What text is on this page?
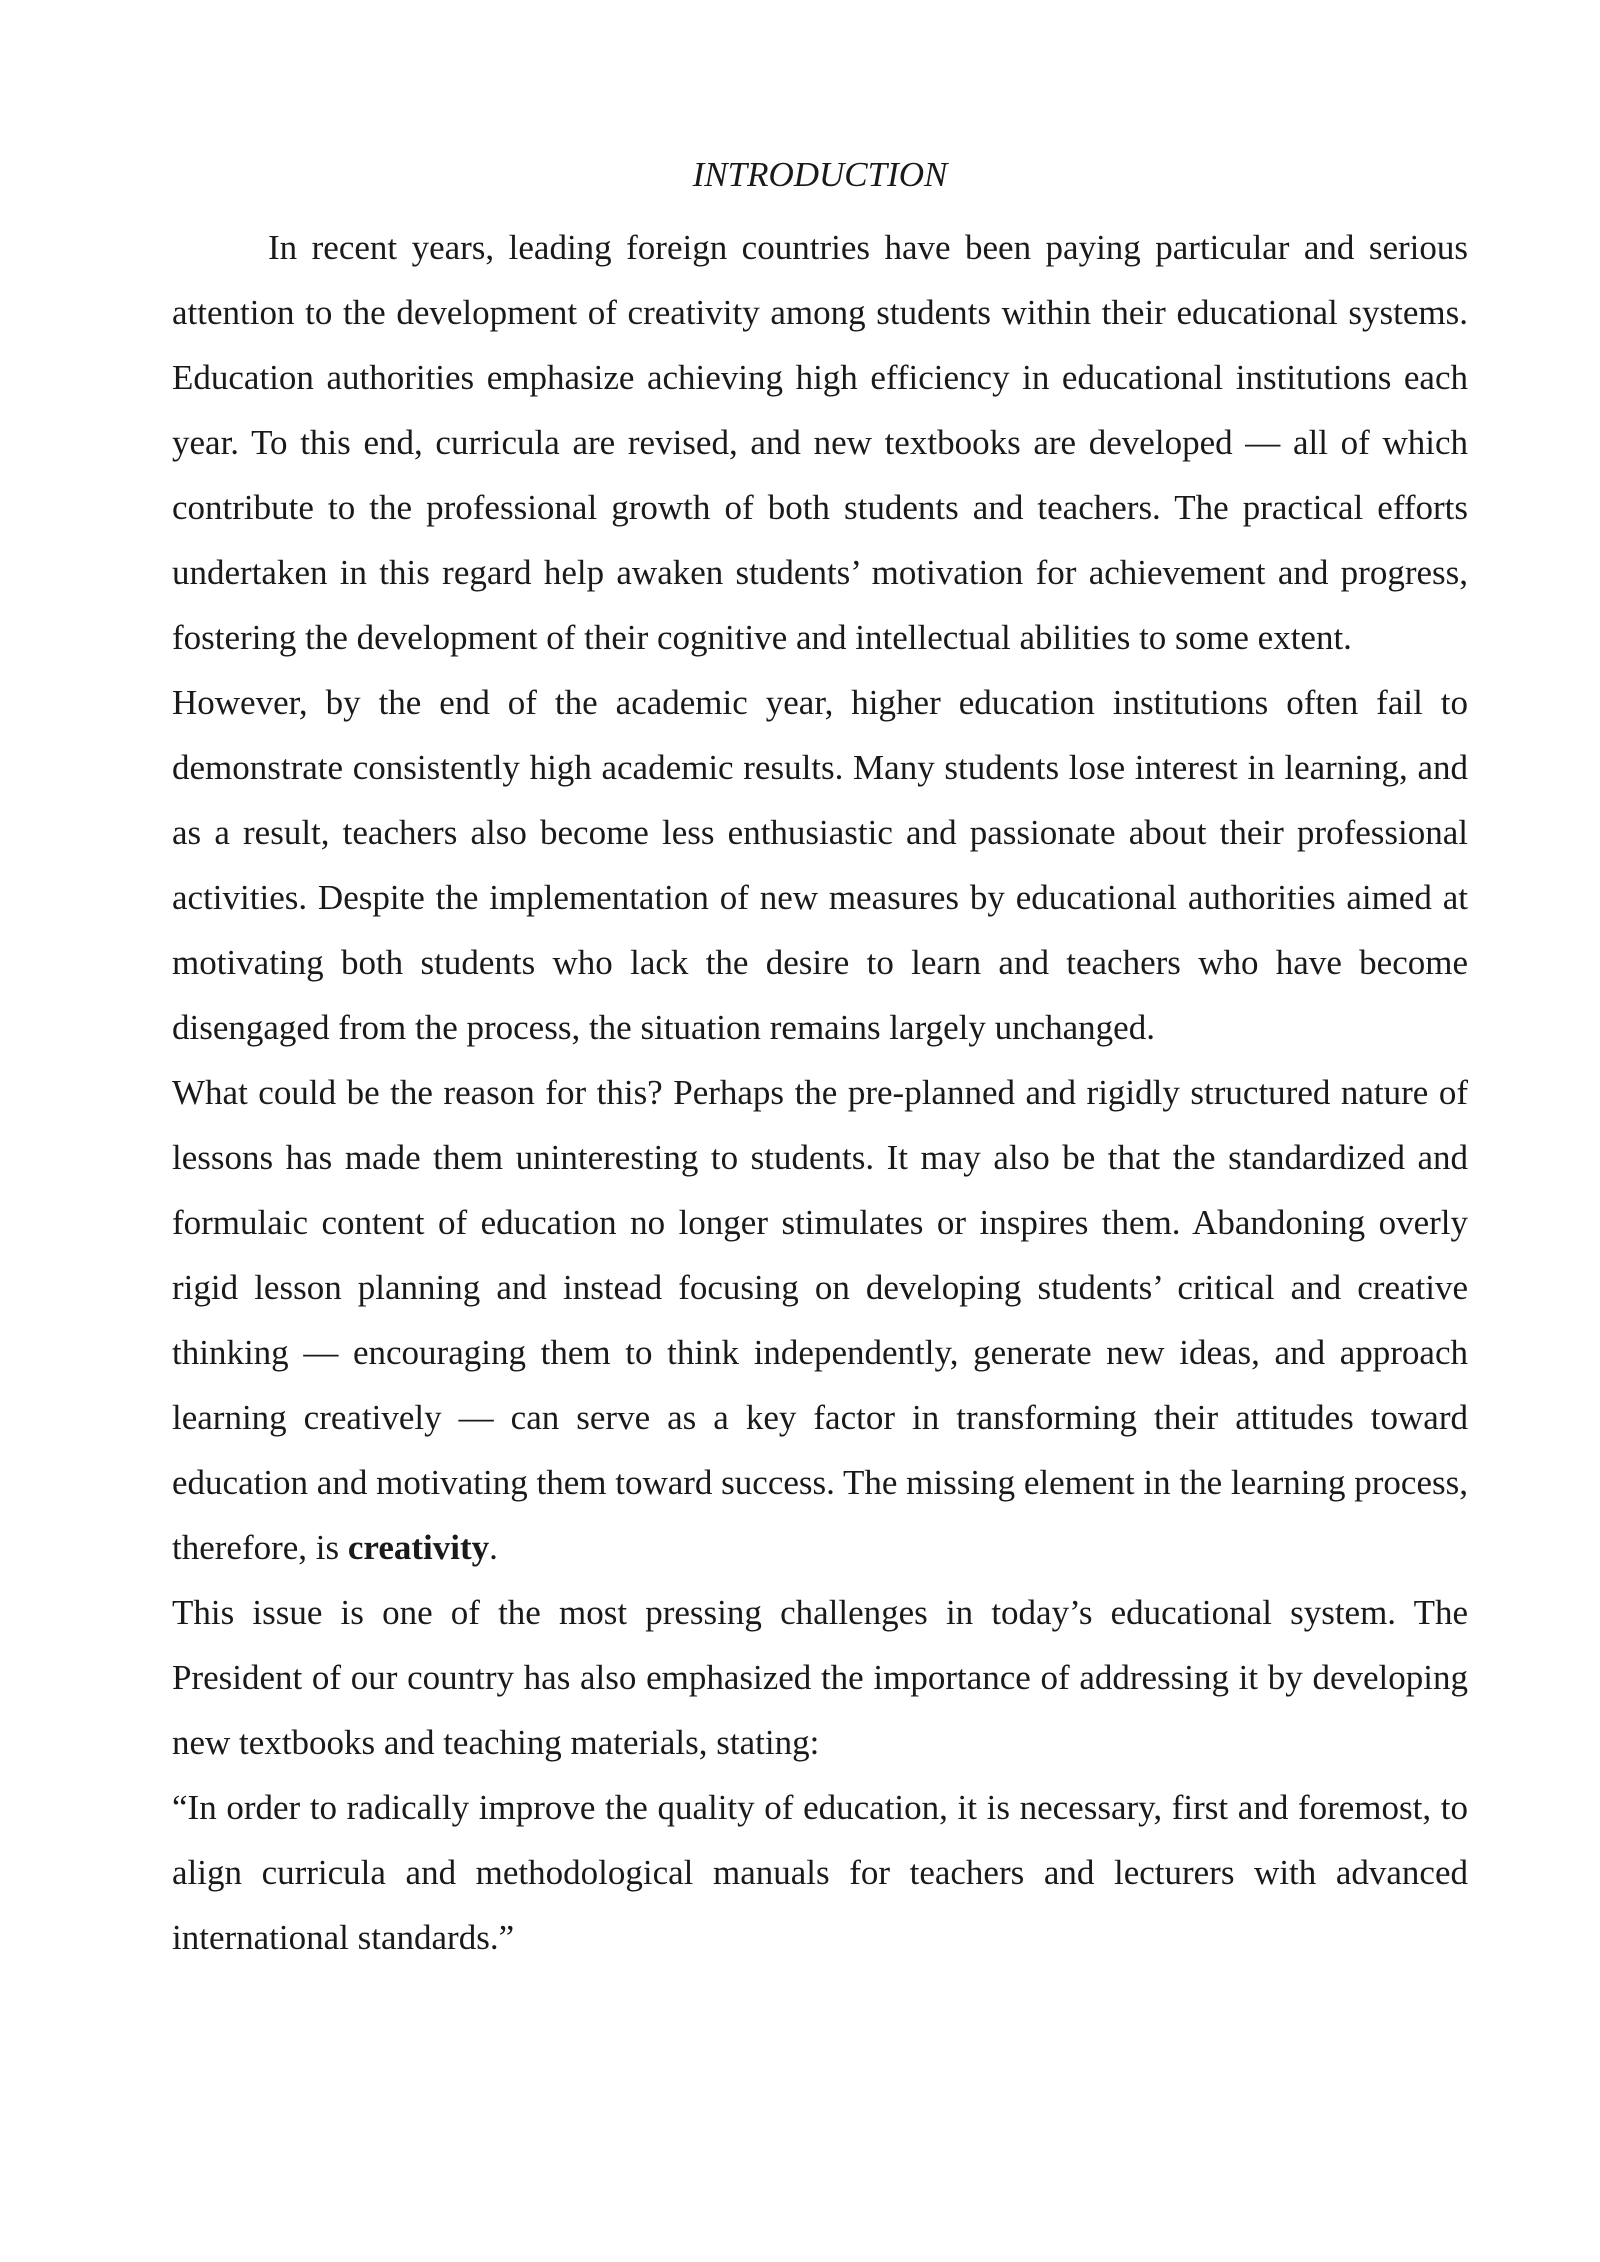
INTRODUCTION

In recent years, leading foreign countries have been paying particular and serious attention to the development of creativity among students within their educational systems. Education authorities emphasize achieving high efficiency in educational institutions each year. To this end, curricula are revised, and new textbooks are developed — all of which contribute to the professional growth of both students and teachers. The practical efforts undertaken in this regard help awaken students’ motivation for achievement and progress, fostering the development of their cognitive and intellectual abilities to some extent.

However, by the end of the academic year, higher education institutions often fail to demonstrate consistently high academic results. Many students lose interest in learning, and as a result, teachers also become less enthusiastic and passionate about their professional activities. Despite the implementation of new measures by educational authorities aimed at motivating both students who lack the desire to learn and teachers who have become disengaged from the process, the situation remains largely unchanged.

What could be the reason for this? Perhaps the pre-planned and rigidly structured nature of lessons has made them uninteresting to students. It may also be that the standardized and formulaic content of education no longer stimulates or inspires them. Abandoning overly rigid lesson planning and instead focusing on developing students’ critical and creative thinking — encouraging them to think independently, generate new ideas, and approach learning creatively — can serve as a key factor in transforming their attitudes toward education and motivating them toward success. The missing element in the learning process, therefore, is creativity.

This issue is one of the most pressing challenges in today’s educational system. The President of our country has also emphasized the importance of addressing it by developing new textbooks and teaching materials, stating:

“In order to radically improve the quality of education, it is necessary, first and foremost, to align curricula and methodological manuals for teachers and lecturers with advanced international standards.”
